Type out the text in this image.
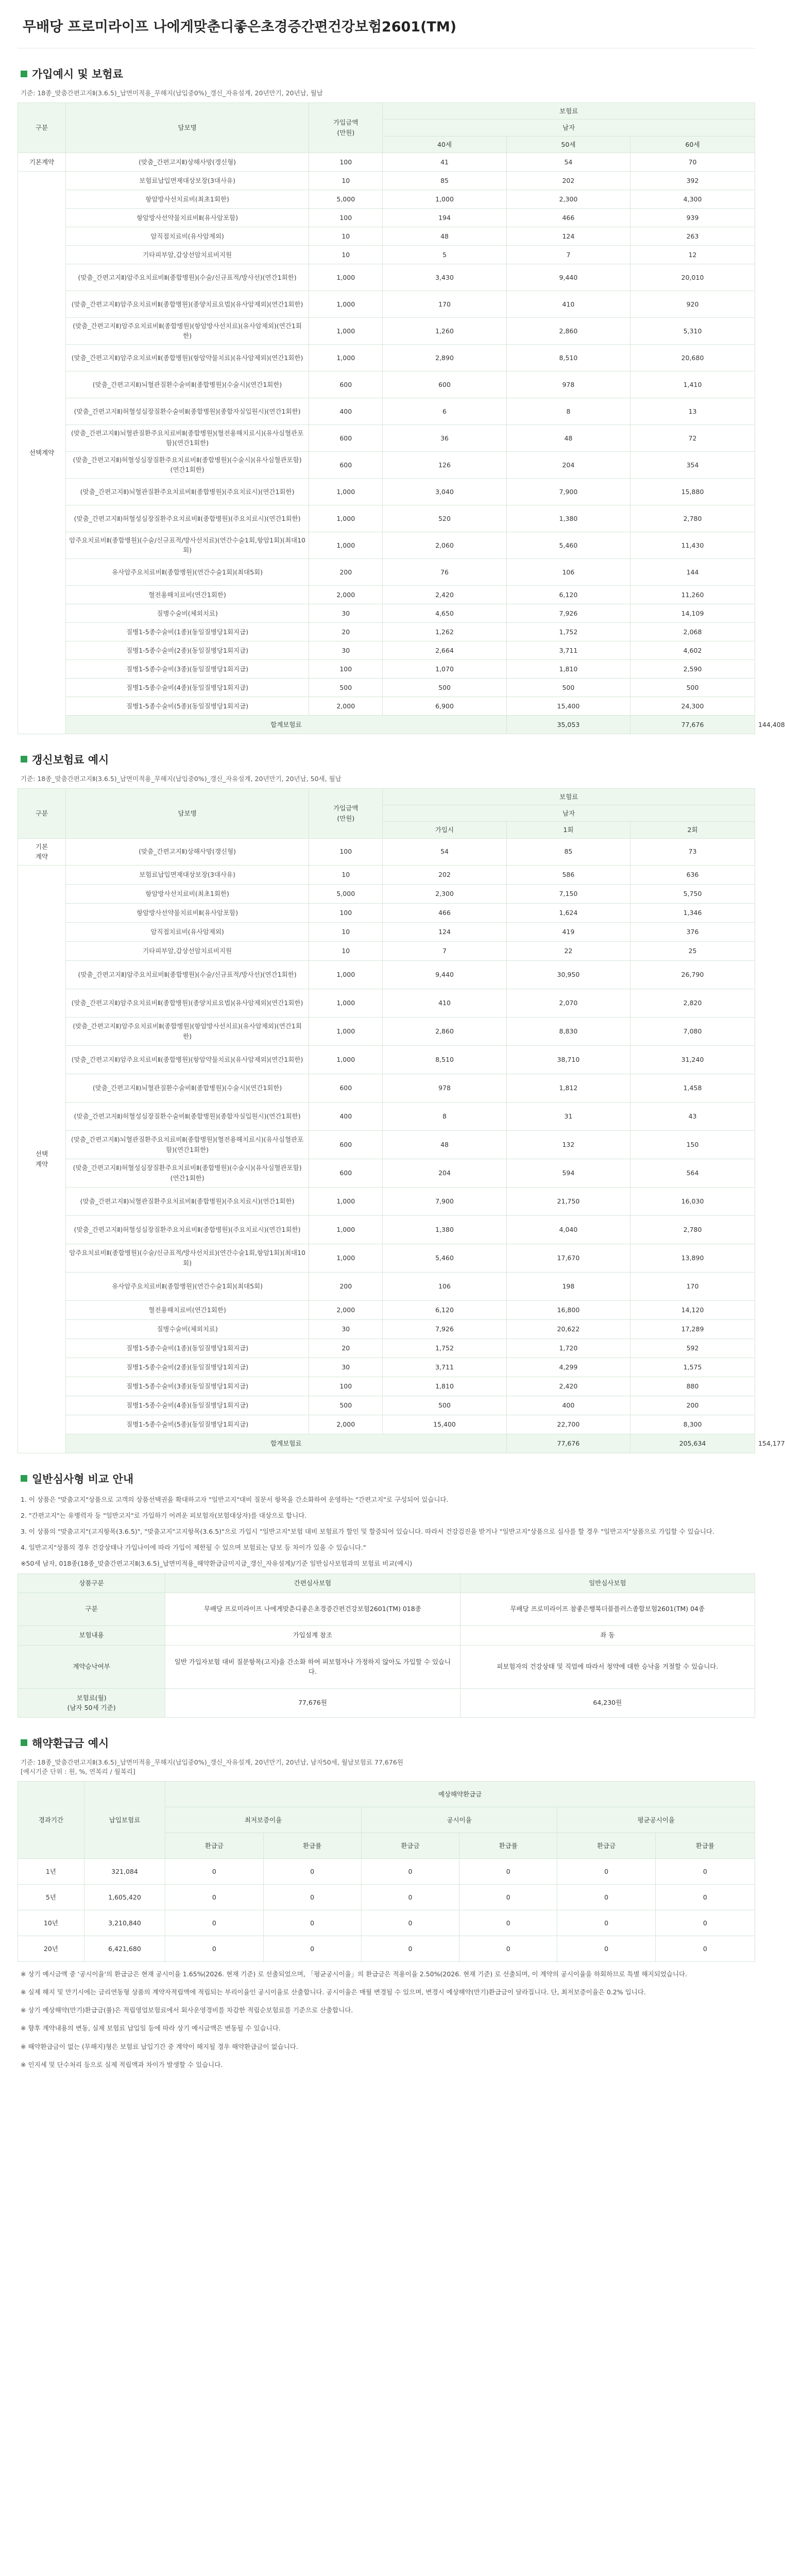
무배당 프로미라이프 나에게맞춘디좋은초경증간편건강보험2601(TM)
가입예시 및 보험료

기준: 18종_맞춤간편고지Ⅱ(3.6.5)_납면미적용_무해지(납입중0%)_갱신_자유설계, 20년만기, 20년납, 월납

구분	담보명	가입금액
(만원)	보험료			
			남자			
			40세	50세	60세	
기본계약	(맞춤_간편고지Ⅱ)상해사망(갱신형)	100	41	54	70	
선택계약	보험료납입면제대상보장(3대사유)	10	85	202	392	
	항암방사선치료비(최초1회한)	5,000	1,000	2,300	4,300	
	항암방사선약물치료비Ⅱ(유사암포함)	100	194	466	939	
	암직접치료비(유사암제외)	10	48	124	263	
	기타피부암,갑상선암치료비지원	10	5	7	12	
	(맞춤_간편고지Ⅱ)암주요치료비Ⅱ(종합병원)(수술/신규표적/방사선)(연간1회한)	1,000	3,430	9,440	20,010	
	(맞춤_간편고지Ⅱ)암주요치료비Ⅱ(종합병원)(종양치료요법)(유사암제외)(연간1회한)	1,000	170	410	920	
	(맞춤_간편고지Ⅱ)암주요치료비Ⅱ(종합병원)(항암방사선치료)(유사암제외)(연간1회한)	1,000	1,260	2,860	5,310	
	(맞춤_간편고지Ⅱ)암주요치료비Ⅱ(종합병원)(항암약물치료)(유사암제외)(연간1회한)	1,000	2,890	8,510	20,680	
	(맞춤_간편고지Ⅱ)뇌혈관질환수술비Ⅱ(종합병원)(수술시)(연간1회한)	600	600	978	1,410	
	(맞춤_간편고지Ⅱ)허혈성심장질환수술비Ⅱ(종합병원)(종합자실입원시)(연간1회한)	400	6	8	13	
	(맞춤_간편고지Ⅱ)뇌혈관질환주요치료비Ⅱ(종합병원)(혈전용해치료시)(유사심혈관포함)(연간1회한)	600	36	48	72	
	(맞춤_간편고지Ⅱ)허혈성심장질환주요치료비Ⅱ(종합병원)(수술시)(유사심혈관포함)(연간1회한)	600	126	204	354	
	(맞춤_간편고지Ⅱ)뇌혈관질환주요치료비Ⅱ(종합병원)(주요치료시)(연간1회한)	1,000	3,040	7,900	15,880	
	(맞춤_간편고지Ⅱ)허혈성심장질환주요치료비Ⅱ(종합병원)(주요치료시)(연간1회한)	1,000	520	1,380	2,780	
	암주요치료비Ⅱ(종합병원)(수술/신규표적/방사선치료)(연간수술1회,항암1회)(최대10회)	1,000	2,060	5,460	11,430	
	유사암주요치료비Ⅱ(종합병원)(연간수술1회)(최대5회)	200	76	106	144	
	혈전용해치료비(연간1회한)	2,000	2,420	6,120	11,260	
	질병수술비(체외치료)	30	4,650	7,926	14,109	
	질병1-5종수술비(1종)(동일질병당1회지급)	20	1,262	1,752	2,068	
	질병1-5종수술비(2종)(동일질병당1회지급)	30	2,664	3,711	4,602	
	질병1-5종수술비(3종)(동일질병당1회지급)	100	1,070	1,810	2,590	
	질병1-5종수술비(4종)(동일질병당1회지급)	500	500	500	500	
	질병1-5종수술비(5종)(동일질병당1회지급)	2,000	6,900	15,400	24,300	
	합계보험료			35,053	77,676	144,408
갱신보험료 예시

기준: 18종_맞춤간편고지Ⅱ(3.6.5)_납면미적용_무해지(납입중0%)_갱신_자유설계, 20년만기, 20년납, 50세, 월납

구분	담보명	가입금액
(만원)	보험료			
			남자			
			가입시	1회	2회	
기본
계약	(맞춤_간편고지Ⅱ)상해사망(갱신형)	100	54	85	73	
선택
계약	보험료납입면제대상보장(3대사유)	10	202	586	636	
	항암방사선치료비(최초1회한)	5,000	2,300	7,150	5,750	
	항암방사선약물치료비Ⅱ(유사암포함)	100	466	1,624	1,346	
	암직접치료비(유사암제외)	10	124	419	376	
	기타피부암,갑상선암치료비지원	10	7	22	25	
	(맞춤_간편고지Ⅱ)암주요치료비Ⅱ(종합병원)(수술/신규표적/방사선)(연간1회한)	1,000	9,440	30,950	26,790	
	(맞춤_간편고지Ⅱ)암주요치료비Ⅱ(종합병원)(종양치료요법)(유사암제외)(연간1회한)	1,000	410	2,070	2,820	
	(맞춤_간편고지Ⅱ)암주요치료비Ⅱ(종합병원)(항암방사선치료)(유사암제외)(연간1회한)	1,000	2,860	8,830	7,080	
	(맞춤_간편고지Ⅱ)암주요치료비Ⅱ(종합병원)(항암약물치료)(유사암제외)(연간1회한)	1,000	8,510	38,710	31,240	
	(맞춤_간편고지Ⅱ)뇌혈관질환수술비Ⅱ(종합병원)(수술시)(연간1회한)	600	978	1,812	1,458	
	(맞춤_간편고지Ⅱ)허혈성심장질환수술비Ⅱ(종합병원)(종합자실입원시)(연간1회한)	400	8	31	43	
	(맞춤_간편고지Ⅱ)뇌혈관질환주요치료비Ⅱ(종합병원)(혈전용해치료시)(유사심혈관포함)(연간1회한)	600	48	132	150	
	(맞춤_간편고지Ⅱ)허혈성심장질환주요치료비Ⅱ(종합병원)(수술시)(유사심혈관포함)(연간1회한)	600	204	594	564	
	(맞춤_간편고지Ⅱ)뇌혈관질환주요치료비Ⅱ(종합병원)(주요치료시)(연간1회한)	1,000	7,900	21,750	16,030	
	(맞춤_간편고지Ⅱ)허혈성심장질환주요치료비Ⅱ(종합병원)(주요치료시)(연간1회한)	1,000	1,380	4,040	2,780	
	암주요치료비Ⅱ(종합병원)(수술/신규표적/방사선치료)(연간수술1회,항암1회)(최대10회)	1,000	5,460	17,670	13,890	
	유사암주요치료비Ⅱ(종합병원)(연간수술1회)(최대5회)	200	106	198	170	
	혈전용해치료비(연간1회한)	2,000	6,120	16,800	14,120	
	질병수술비(체외치료)	30	7,926	20,622	17,289	
	질병1-5종수술비(1종)(동일질병당1회지급)	20	1,752	1,720	592	
	질병1-5종수술비(2종)(동일질병당1회지급)	30	3,711	4,299	1,575	
	질병1-5종수술비(3종)(동일질병당1회지급)	100	1,810	2,420	880	
	질병1-5종수술비(4종)(동일질병당1회지급)	500	500	400	200	
	질병1-5종수술비(5종)(동일질병당1회지급)	2,000	15,400	22,700	8,300	
	합계보험료			77,676	205,634	154,177
일반심사형 비교 안내

1. 이 상품은 "맞춤고지"상품으로 고객의 상품선택권을 확대하고자 "일반고지"대비 질문서 항목을 간소화하여 운영하는 "간편고지"로 구성되어 있습니다.

2. "간편고지"는 유병력자 등 "일반고지"로 가입하기 어려운 피보험자(보험대상자)를 대상으로 합니다.

3. 이 상품의 "맞춤고지"(고지항목(3.6.5)", "맞춤고지"고지항목(3.6.5)"으로 가입시 "일반고지"보험 대비 보험료가 할인 및 할증되어 있습니다. 따라서 건강검진을 받거나 "일반고지"상품으로 심사를 할 경우 "일반고지"상품으로 가입할 수 있습니다.

4. 일반고지"상품의 경우 건강상태나 가입나이에 따라 가입이 제한될 수 있으며 보험료는 담보 등 차이가 있을 수 있습니다."

※50세 남자, 018종(18종_맞춤간편고지Ⅱ(3.6.5)_납면미적용_해약환급금미지급_갱신_자유설계)/기준 일반심사보험과의 보험료 비교(예시)

상품구분	간편심사보험	일반심사보험
구분	무배당 프로미라이프 나에게맞춘디좋은초경증간편건강보험2601(TM) 018종	무배당 프로미라이프 참좋은행복더블플러스종합보험2601(TM) 04종
보험내용	가입설계 참조	좌 동
계약승낙여부	일반 가입자보험 대비 질문항목(고지)을 간소화 하여 피보험자나 가정하지 않아도 가입할 수 있습니다.	피보험자의 건강상태 및 직업에 따라서 청약에 대한 승낙을 거절할 수 있습니다.
보험료(월)
(남자 50세 기준)	77,676원	64,230원
해약환급금 예시

기준: 18종_맞춤간편고지Ⅱ(3.6.5)_납면미적용_무해지(납입중0%)_갱신_자유설계, 20년만기, 20년납, 남자50세, 월납보험료 77,676원

[예시기준 단위 : 원, %, 연복리 / 월복리]

경과기간	납입보험료	예상해약환급금					
		최저보증이율		공시이율		평균공시이율	
		환급금	환급률	환급금	환급률	환급금	환급률
1년	321,084	0	0	0	0	0	0
5년	1,605,420	0	0	0	0	0	0
10년	3,210,840	0	0	0	0	0	0
20년	6,421,680	0	0	0	0	0	0

※ 상기 예시금액 중 '공시이율'의 환급금은 현재 공시이율 1.65%(2026. 현재 기준) 로 선출되었으며, 「평균공시이율」의 환급금은 적용이율 2.50%(2026. 현재 기준) 로 선출되며, 이 계약의 공시이율을 하회하므로 특별 해지되었습니다.

※ 실제 해지 및 만기시에는 금리연동형 상품의 계약자적립액에 적립되는 부리이율인 공시이율로 산출합니다. 공시이율은 매월 변경될 수 있으며, 변경시 예상해약(만기)환급금이 달라집니다. 단, 최저보증이율은 0.2% 입니다.

※ 상기 예상해약(만기)환급금(률)은 적립영업보험료에서 회사운영경비를 차감한 적립순보험료를 기준으로 산출합니다.

※ 향후 계약내용의 변동, 실제 보험료 납입일 등에 따라 상기 예시금액은 변동될 수 있습니다.

※ 해약환급금이 없는 (무해지)형은 보험료 납입기간 중 계약이 해지될 경우 해약환급금이 없습니다.

※ 인지세 및 단수처리 등으로 실제 적립액과 차이가 발생할 수 있습니다.
